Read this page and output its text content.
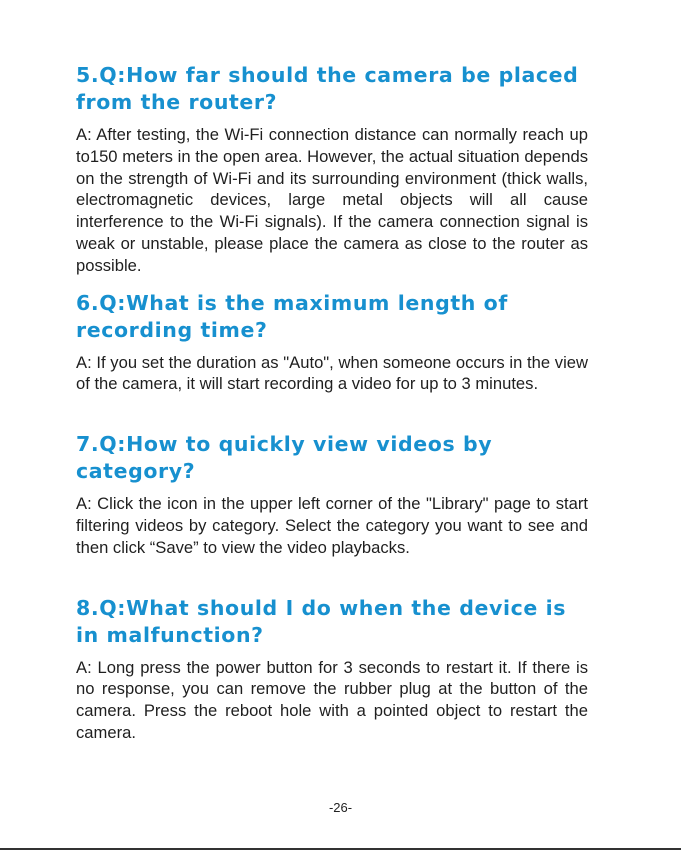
5.Q:How far should the camera be placed from the router?

A: After testing, the Wi-Fi connection distance can normally reach up to150 meters in the open area. However, the actual situation depends on the strength of Wi-Fi and its surrounding environment (thick walls, electromagnetic devices, large metal objects will all cause interference to the Wi-Fi signals). If the camera connection signal is weak or unstable, please place the camera as close to the router as possible.

6.Q:What is the maximum length of recording time?

A: If you set the duration as "Auto", when someone occurs in the view of the camera, it will start recording a video for up to 3 minutes.

7.Q:How to quickly view videos by category?

A: Click the icon in the upper left corner of the "Library" page to start filtering videos by category. Select the category you want to see and then click “Save” to view the video playbacks.

8.Q:What should I do when the device is in malfunction?

A: Long press the power button for 3 seconds to restart it. If there is no response, you can remove the rubber plug at the button of the camera. Press the reboot hole with a pointed object to restart the camera.

-26-
